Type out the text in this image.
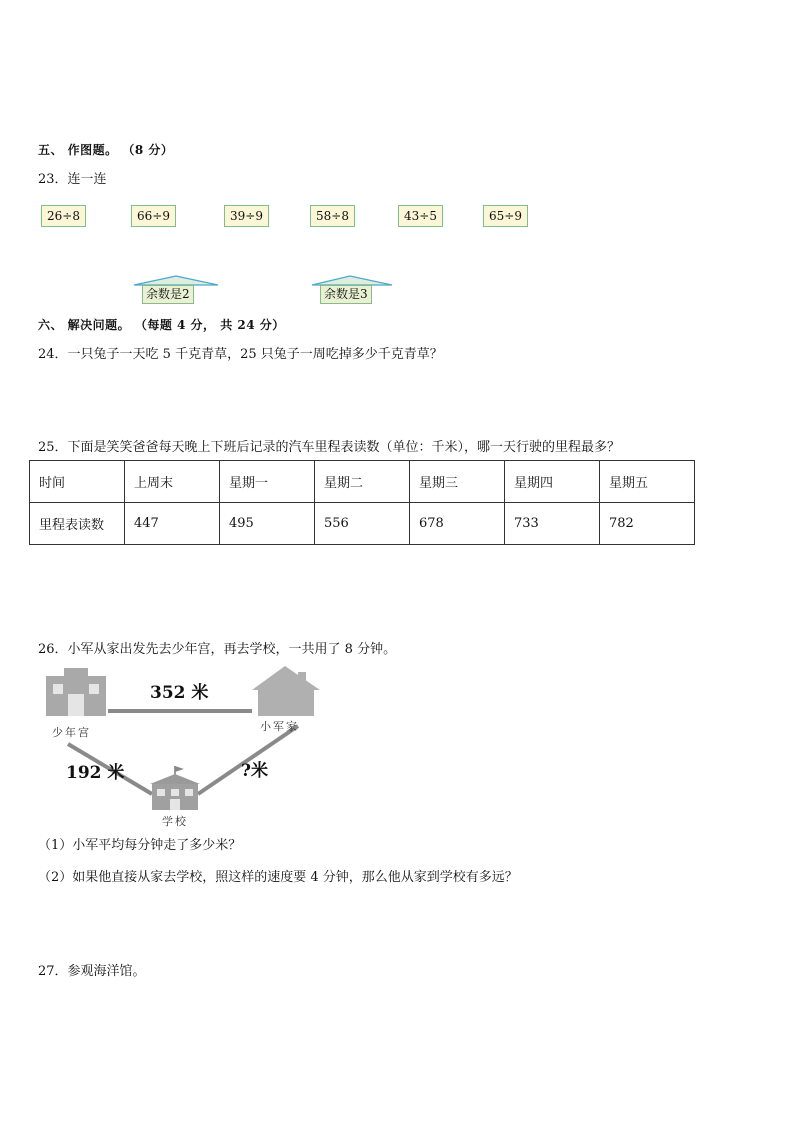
五、 作图题。 （8 分）
23．连一连
26÷8	66÷9	39÷9	58÷8	43÷5	65÷9
余数是2	余数是3
六、 解决问题。 （每题 4 分， 共 24 分）
24．一只兔子一天吃 5 千克青草，25 只兔子一周吃掉多少千克青草？
25．下面是笑笑爸爸每天晚上下班后记录的汽车里程表读数（单位：千米），哪一天行驶的里程最多？
时间	上周末	星期一	星期二	星期三	星期四	星期五
里程表读数	447	495	556	678	733	782
26．小军从家出发先去少年宫，再去学校，一共用了 8 分钟。
352 米
192 米	?米
少年宫	小军家
学校
（1）小军平均每分钟走了多少米？
（2）如果他直接从家去学校，照这样的速度要 4 分钟，那么他从家到学校有多远？
27．参观海洋馆。
